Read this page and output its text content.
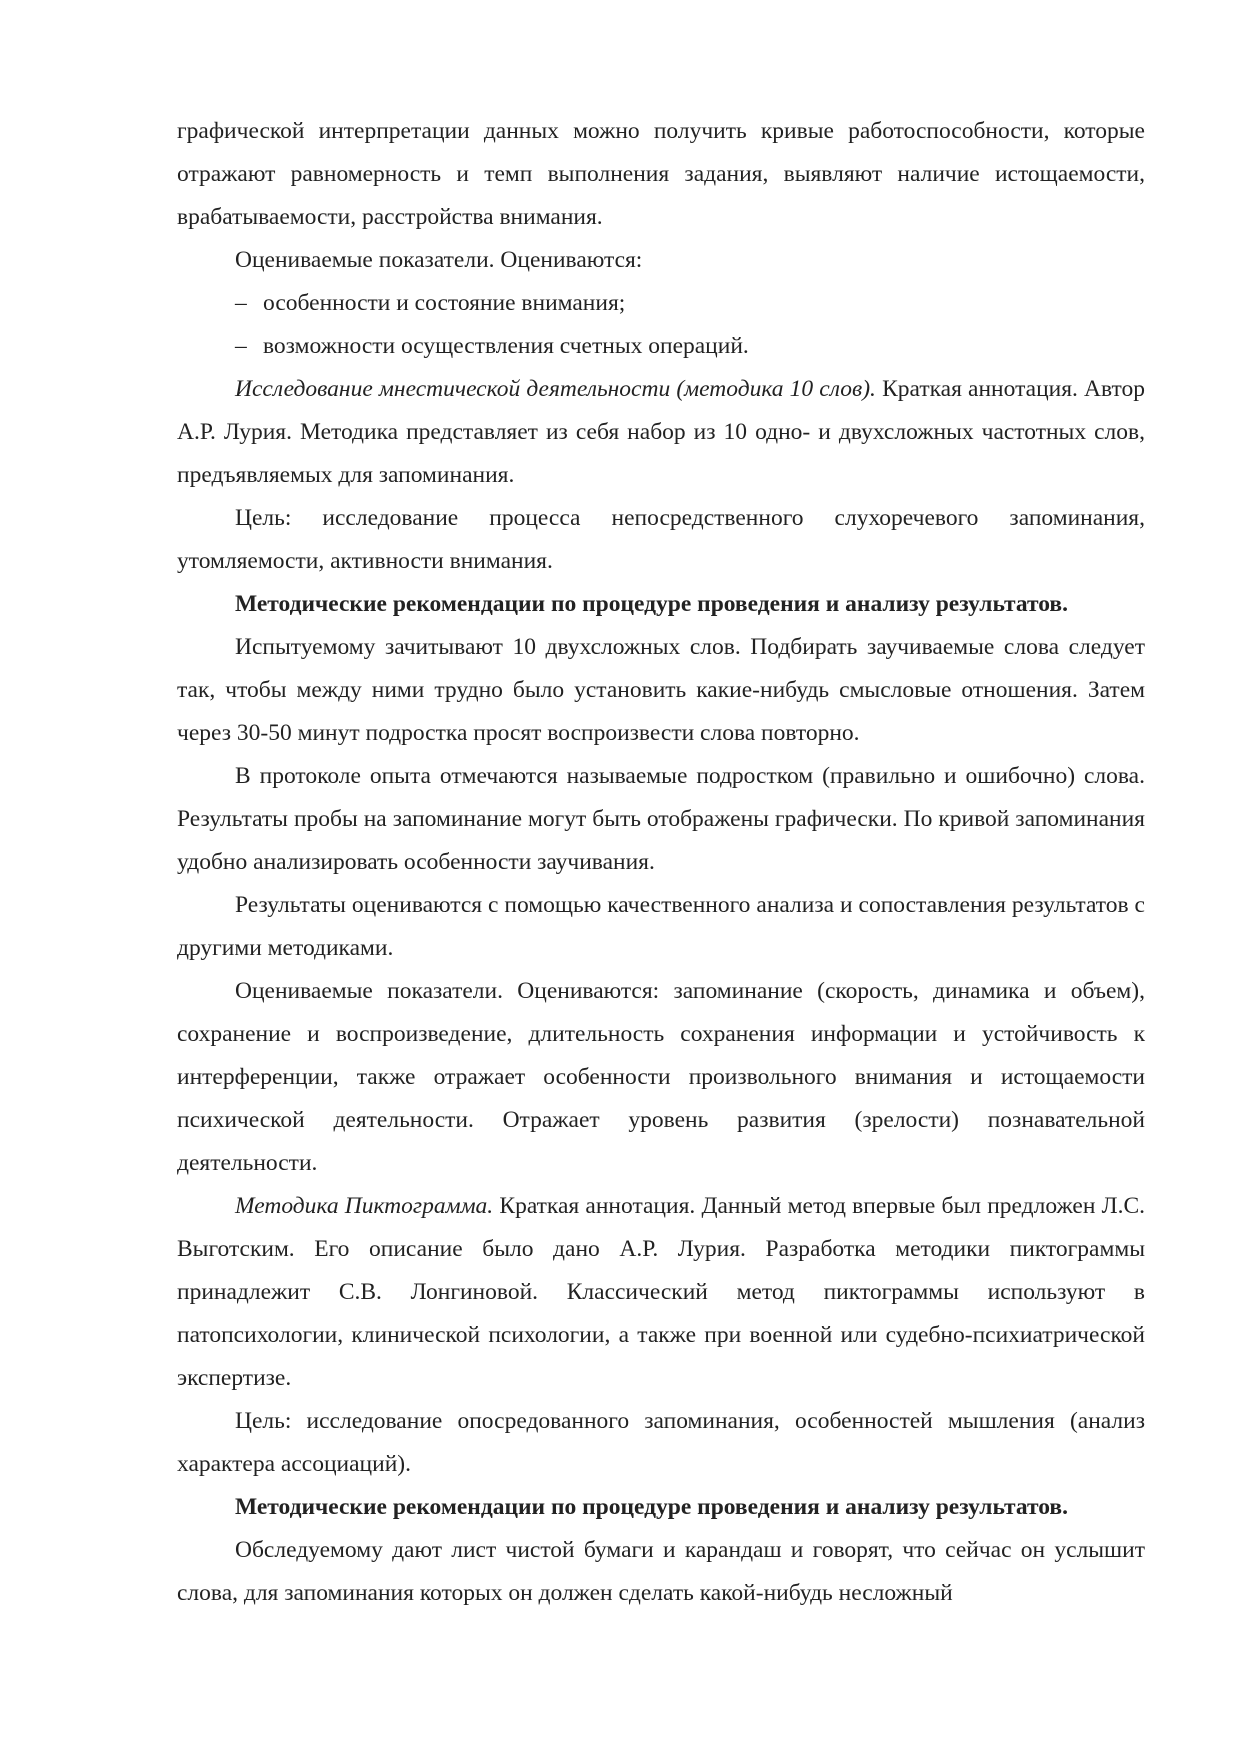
графической интерпретации данных можно получить кривые работоспособности, которые отражают равномерность и темп выполнения задания, выявляют наличие истощаемости, врабатываемости, расстройства внимания.

Оцениваемые показатели. Оцениваются:

– особенности и состояние внимания;

– возможности осуществления счетных операций.

Исследование мнестической деятельности (методика 10 слов). Краткая аннотация. Автор А.Р. Лурия. Методика представляет из себя набор из 10 одно- и двухсложных частотных слов, предъявляемых для запоминания.

Цель: исследование процесса непосредственного слухоречевого запоминания, утомляемости, активности внимания.

Методические рекомендации по процедуре проведения и анализу результатов.

Испытуемому зачитывают 10 двухсложных слов. Подбирать заучиваемые слова следует так, чтобы между ними трудно было установить какие-нибудь смысловые отношения. Затем через 30-50 минут подростка просят воспроизвести слова повторно.

В протоколе опыта отмечаются называемые подростком (правильно и ошибочно) слова. Результаты пробы на запоминание могут быть отображены графически. По кривой запоминания удобно анализировать особенности заучивания.

Результаты оцениваются с помощью качественного анализа и сопоставления результатов с другими методиками.

Оцениваемые показатели. Оцениваются: запоминание (скорость, динамика и объем), сохранение и воспроизведение, длительность сохранения информации и устойчивость к интерференции, также отражает особенности произвольного внимания и истощаемости психической деятельности. Отражает уровень развития (зрелости) познавательной деятельности.

Методика Пиктограмма. Краткая аннотация. Данный метод впервые был предложен Л.С. Выготским. Его описание было дано А.Р. Лурия. Разработка методики пиктограммы принадлежит С.В. Лонгиновой. Классический метод пиктограммы используют в патопсихологии, клинической психологии, а также при военной или судебно-психиатрической экспертизе.

Цель: исследование опосредованного запоминания, особенностей мышления (анализ характера ассоциаций).

Методические рекомендации по процедуре проведения и анализу результатов.

Обследуемому дают лист чистой бумаги и карандаш и говорят, что сейчас он услышит слова, для запоминания которых он должен сделать какой-нибудь несложный
